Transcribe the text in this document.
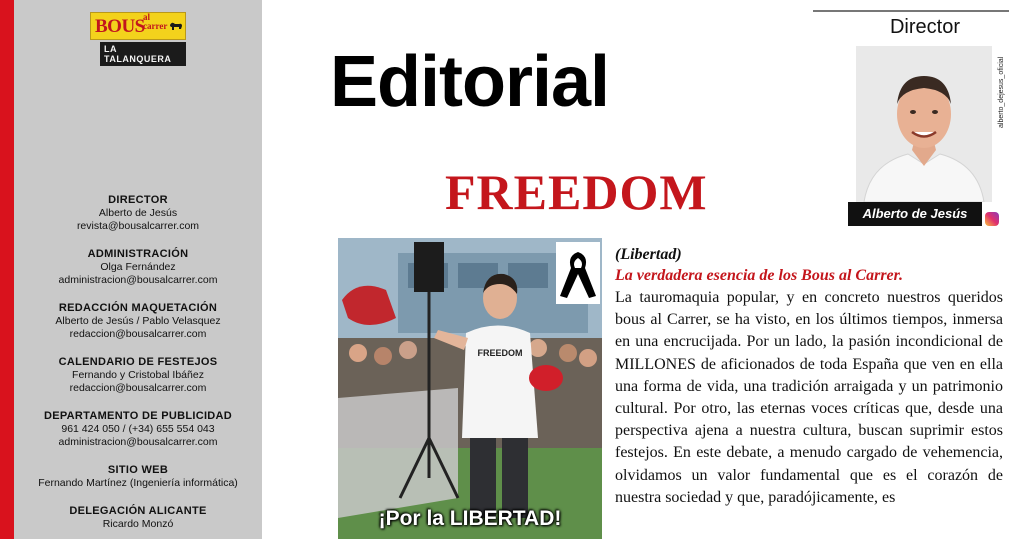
BOUS
al carrer
LA TALANQUERA
DIRECTOR
Alberto de Jesús
revista@bousalcarrer.com
ADMINISTRACIÓN
Olga Fernández
administracion@bousalcarrer.com
REDACCIÓN MAQUETACIÓN
Alberto de Jesús / Pablo Velasquez
redaccion@bousalcarrer.com
CALENDARIO DE FESTEJOS
Fernando y Cristobal Ibáñez
redaccion@bousalcarrer.com
DEPARTAMENTO DE PUBLICIDAD
961 424 050 / (+34) 655 554 043
administracion@bousalcarrer.com
SITIO WEB
Fernando Martínez (Ingeniería informática)
DELEGACIÓN ALICANTE
Ricardo Monzó
Director
Alberto de Jesús
alberto_dejesus_oficial
Editorial
FREEDOM
FREEDOM
¡Por la LIBERTAD!
(Libertad)
La verdadera esencia de los Bous al Carrer.

La tauromaquia popular, y en concreto nuestros queridos bous al Carrer, se ha visto, en los últimos tiempos, inmersa en una encrucijada. Por un lado, la pasión incondicional de MILLONES de aficionados de toda España que ven en ella una forma de vida, una tradición arraigada y un patrimonio cultural. Por otro, las eternas voces críticas que, desde una perspectiva ajena a nuestra cultura, buscan suprimir estos festejos. En este debate, a menudo cargado de vehemencia, olvidamos un valor fundamental que es el corazón de nuestra sociedad y que, paradójicamente, es
